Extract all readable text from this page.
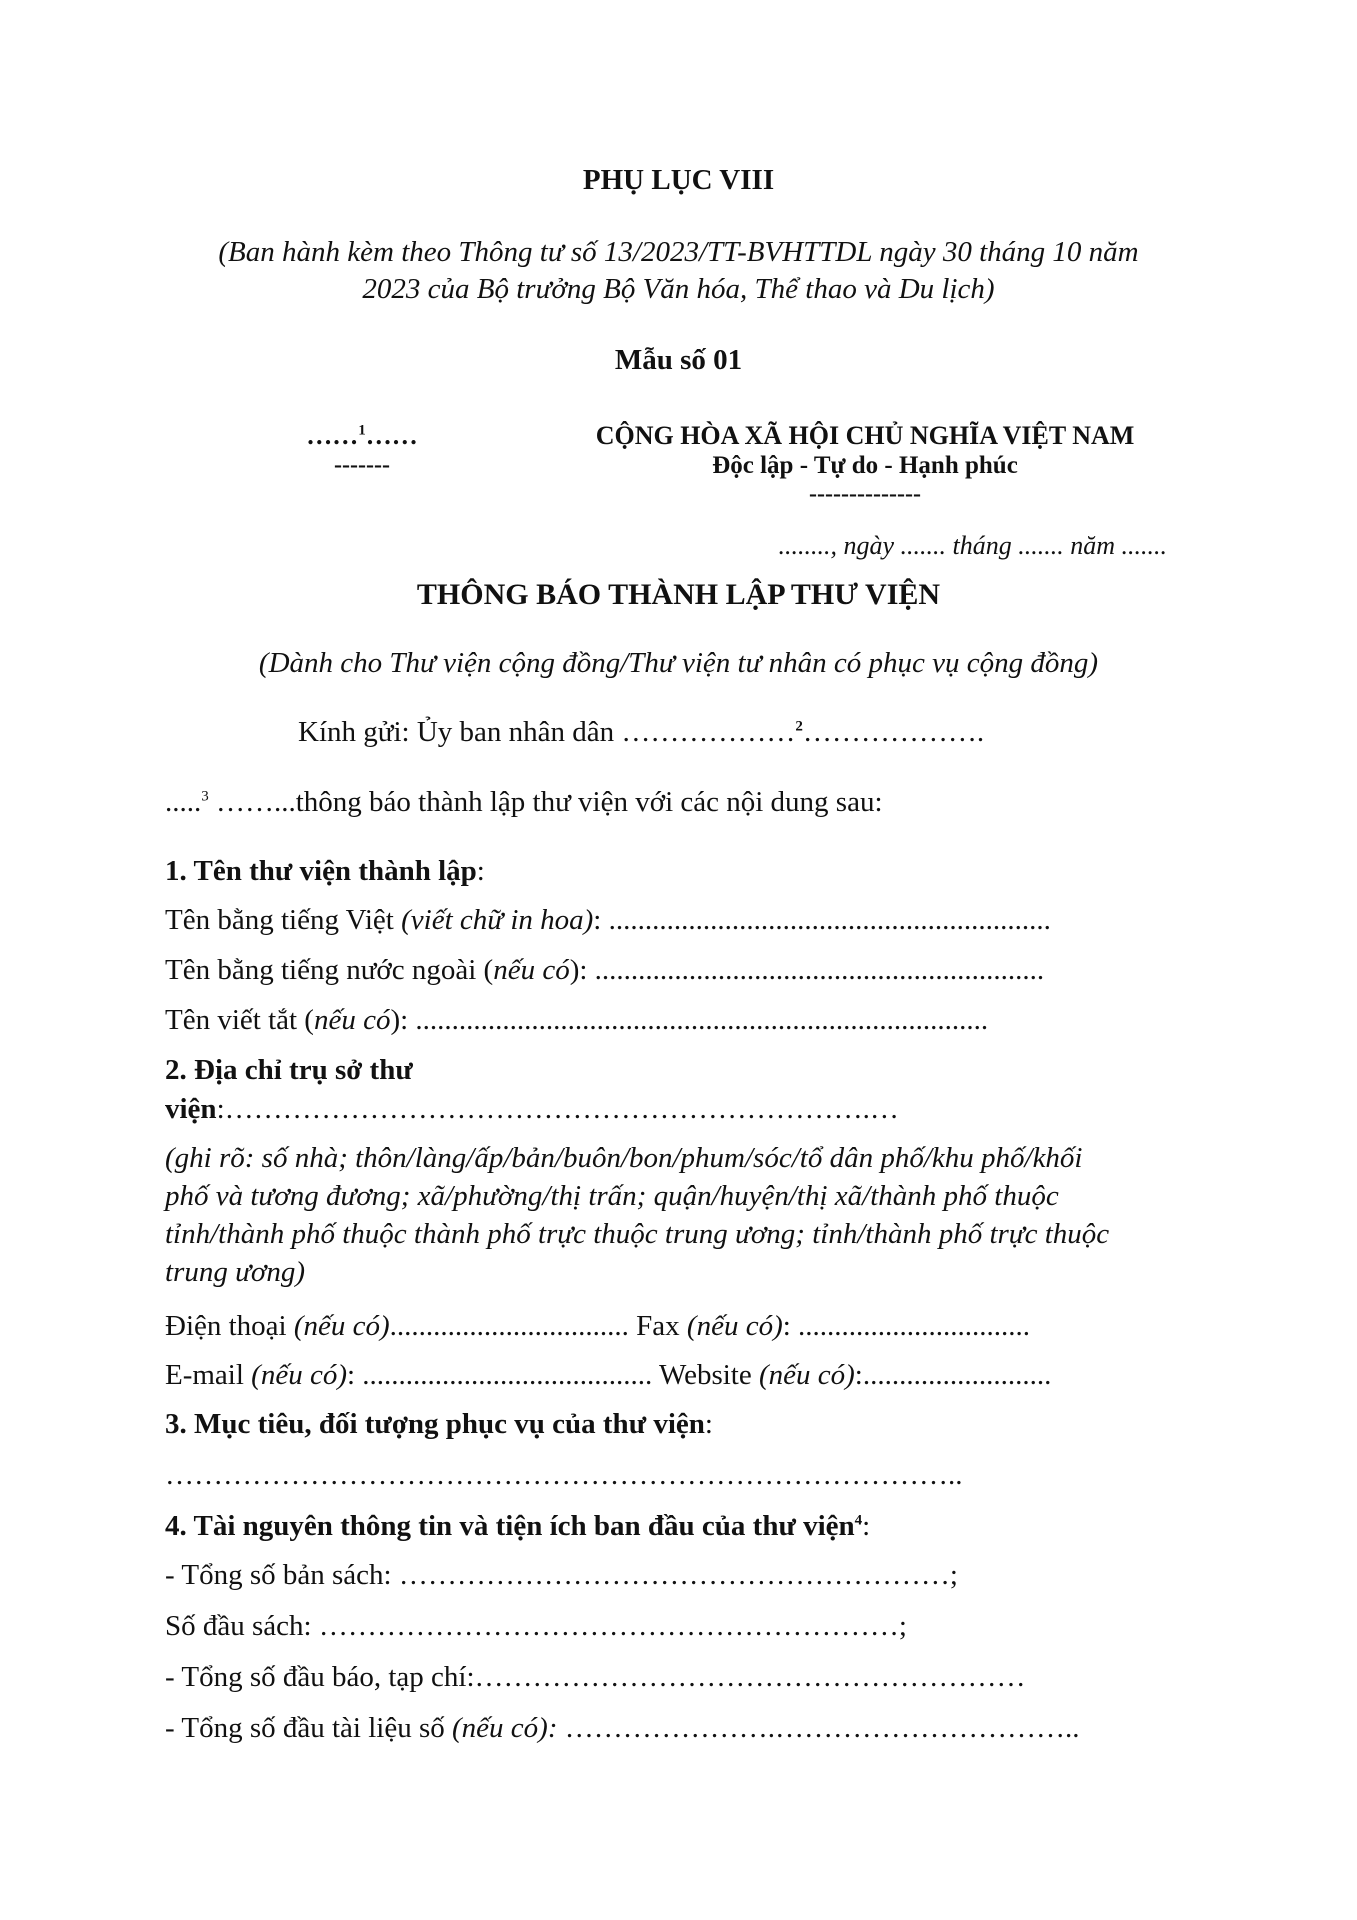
PHỤ LỤC VIII
(Ban hành kèm theo Thông tư số 13/2023/TT-BVHTTDL ngày 30 tháng 10 năm
2023 của Bộ trưởng Bộ Văn hóa, Thể thao và Du lịch)
Mẫu số 01
……$^1$……
-------
CỘNG HÒA XÃ HỘI CHỦ NGHĨA VIỆT NAM
Độc lập - Tự do - Hạnh phúc
--------------
........, ngày ....... tháng ....... năm .......
THÔNG BÁO THÀNH LẬP THƯ VIỆN
(Dành cho Thư viện cộng đồng/Thư viện tư nhân có phục vụ cộng đồng)
Kính gửi: Ủy ban nhân dân ………………$^2$……………….
.....$^3$ ……...thông báo thành lập thư viện với các nội dung sau:
1. Tên thư viện thành lập:
Tên bằng tiếng Việt (viết chữ in hoa): .............................................................
Tên bằng tiếng nước ngoài (nếu có): ..............................................................
Tên viết tắt (nếu có): ...............................................................................
2. Địa chỉ trụ sở thư
viện:………………………………………………………….…
(ghi rõ: số nhà; thôn/làng/ấp/bản/buôn/bon/phum/sóc/tổ dân phố/khu phố/khối
phố và tương đương; xã/phường/thị trấn; quận/huyện/thị xã/thành phố thuộc
tỉnh/thành phố thuộc thành phố trực thuộc trung ương; tỉnh/thành phố trực thuộc
trung ương)
Điện thoại (nếu có)................................. Fax (nếu có): ................................
E-mail (nếu có): ........................................ Website (nếu có):..........................
3. Mục tiêu, đối tượng phục vụ của thư viện:
………………………………………………………………………..
4. Tài nguyên thông tin và tiện ích ban đầu của thư viện$^4$:
- Tổng số bản sách: …………………………………………………;
Số đầu sách: ……………………………………………………;
- Tổng số đầu báo, tạp chí:…………………………………………………
- Tổng số đầu tài liệu số (nếu có): ………………….…………………………..
